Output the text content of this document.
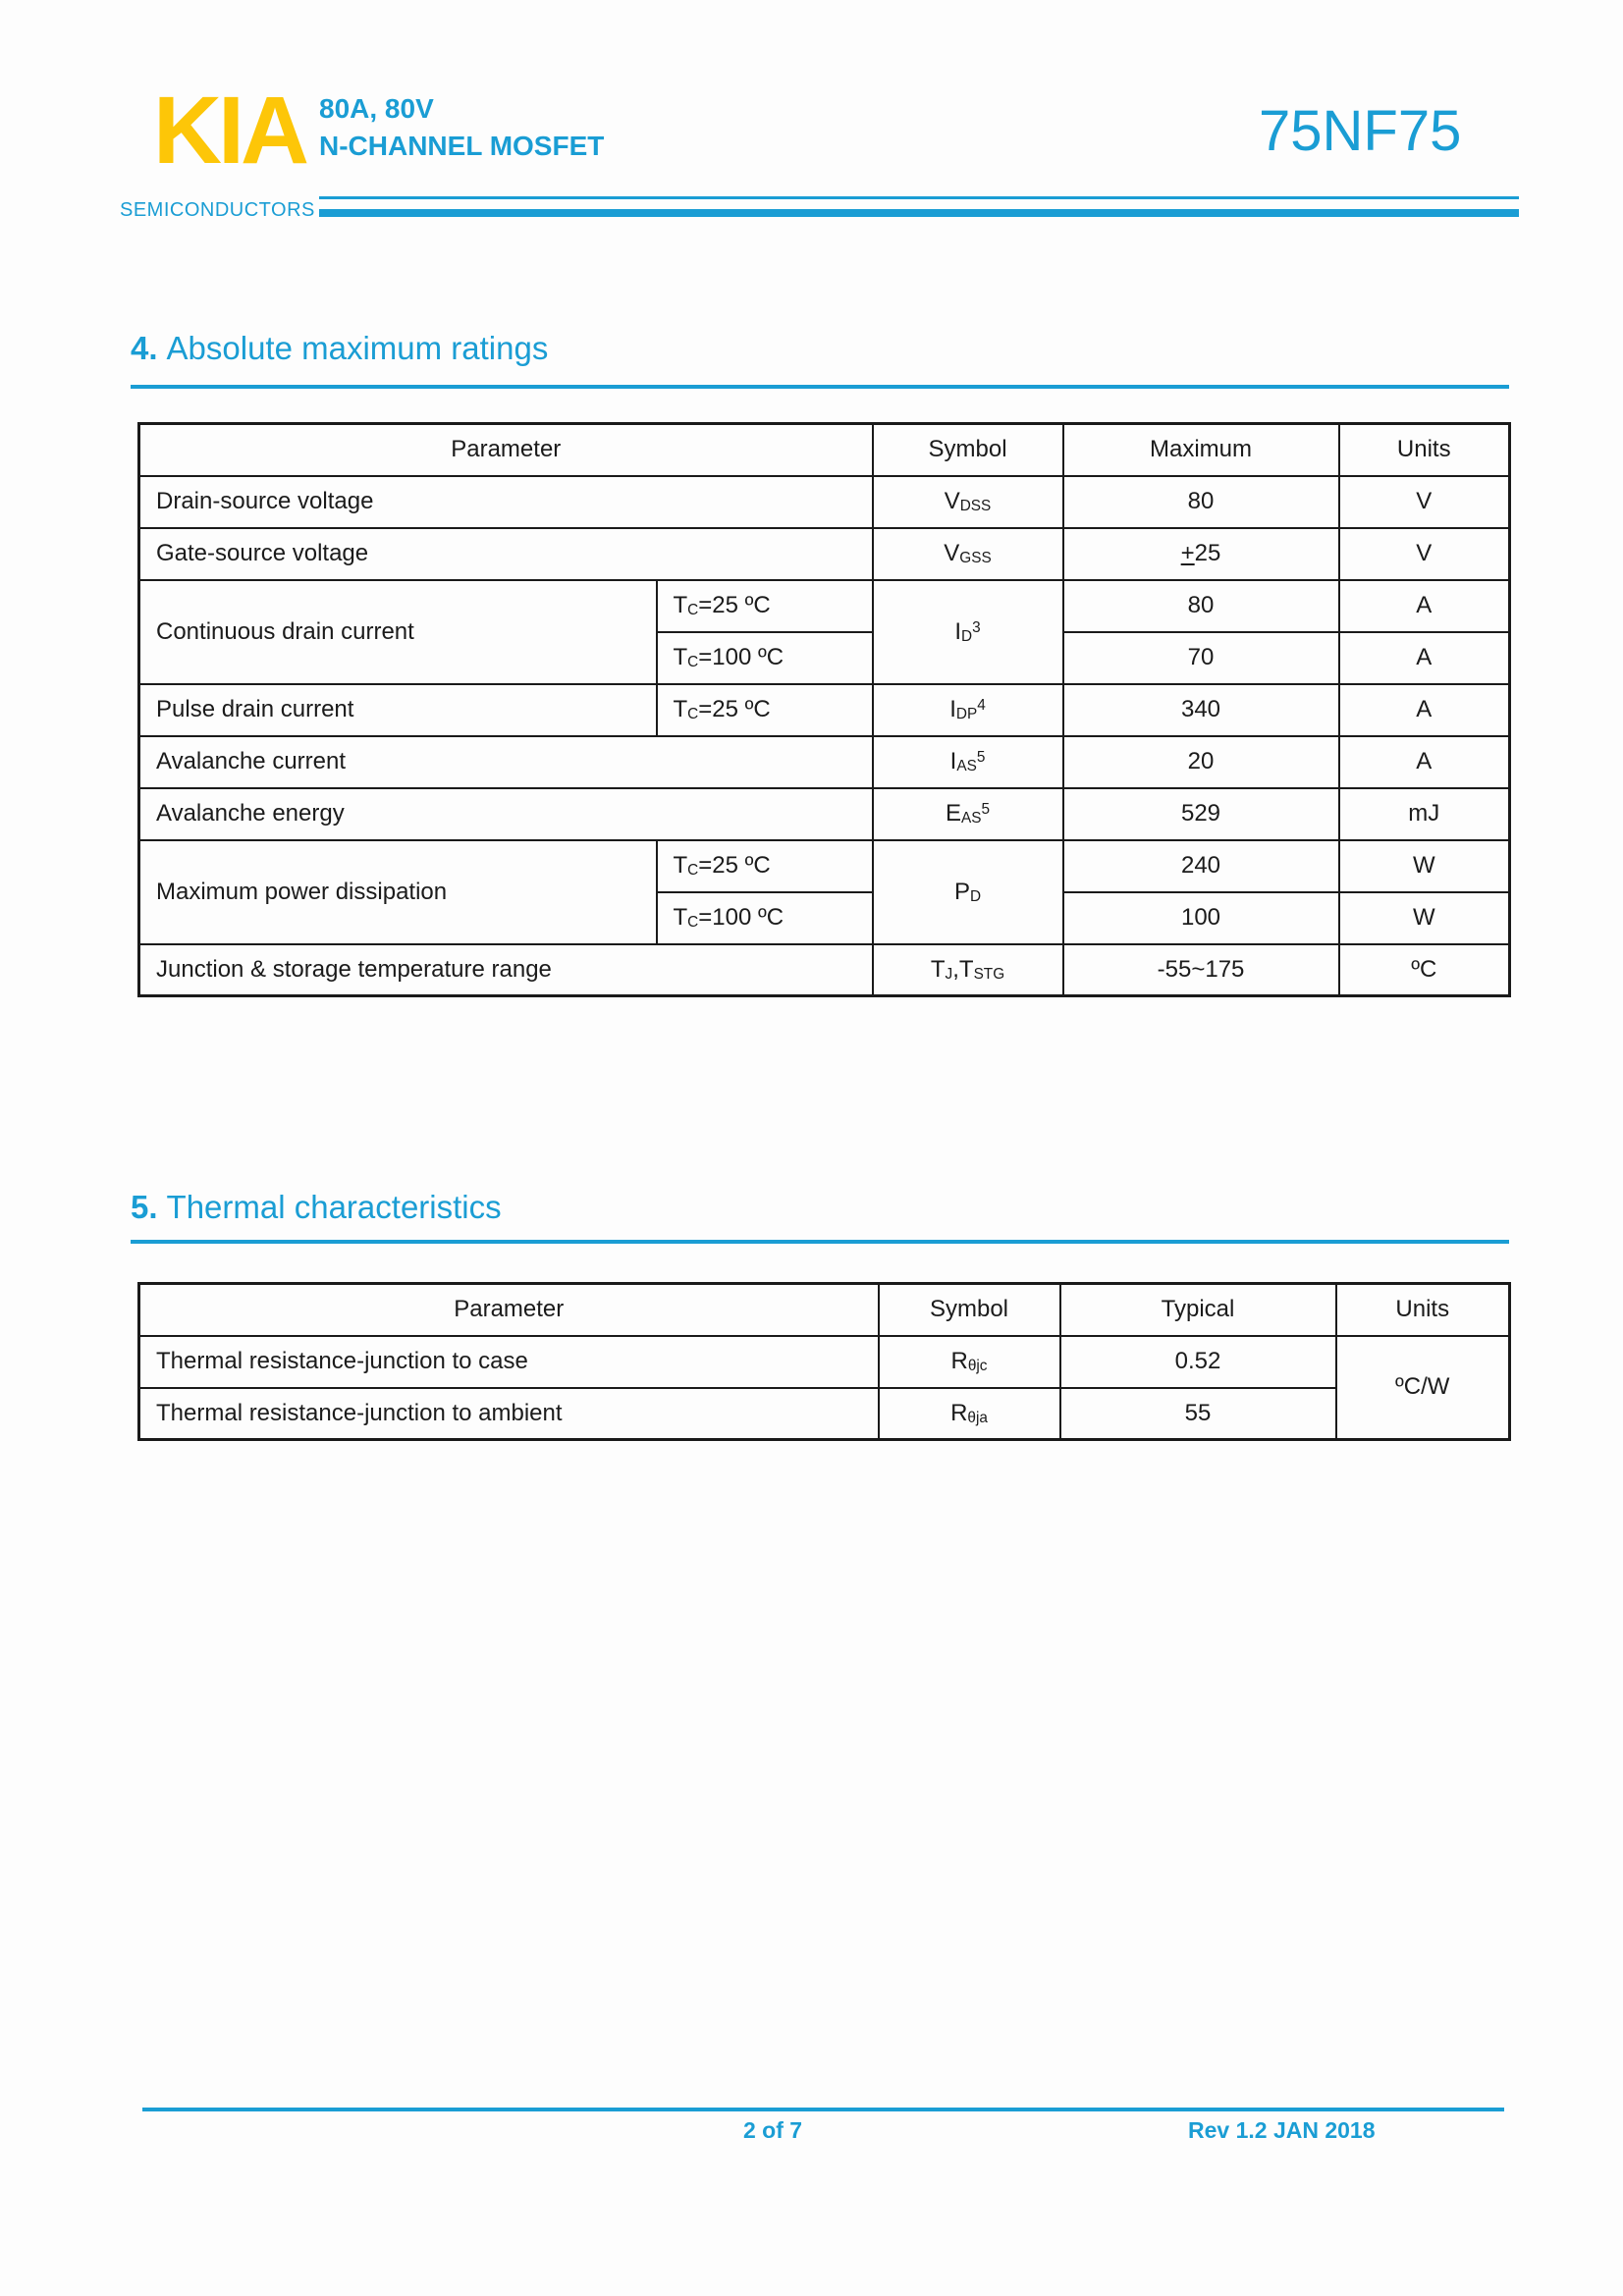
KIA
SEMICONDUCTORS
80A, 80V
N-CHANNEL MOSFET	75NF75
4. Absolute maximum ratings
Parameter		Symbol	Maximum	Units
Drain-source voltage		VDSS	80	V
Gate-source voltage		VGSS	+25	V
Continuous drain current	TC=25 ºC	$ID^3$	80	A
	TC=100 ºC		70	A
Pulse drain current	TC=25 ºC	IDP$^4$	340	A
Avalanche current		IAS$^5$	20	A
Avalanche energy		EAS$^5$	529	mJ
Maximum power dissipation	TC=25 ºC	PD	240	W
	TC=100 ºC		100	W
Junction & storage temperature range		TJ,TSTG	-55~175	ºC
5. Thermal characteristics
Parameter	Symbol	Typical	Units
Thermal resistance-junction to case	Rθjc	0.52	ºC/W
Thermal resistance-junction to ambient	Rθja	55	
2 of 7	Rev 1.2 JAN 2018
